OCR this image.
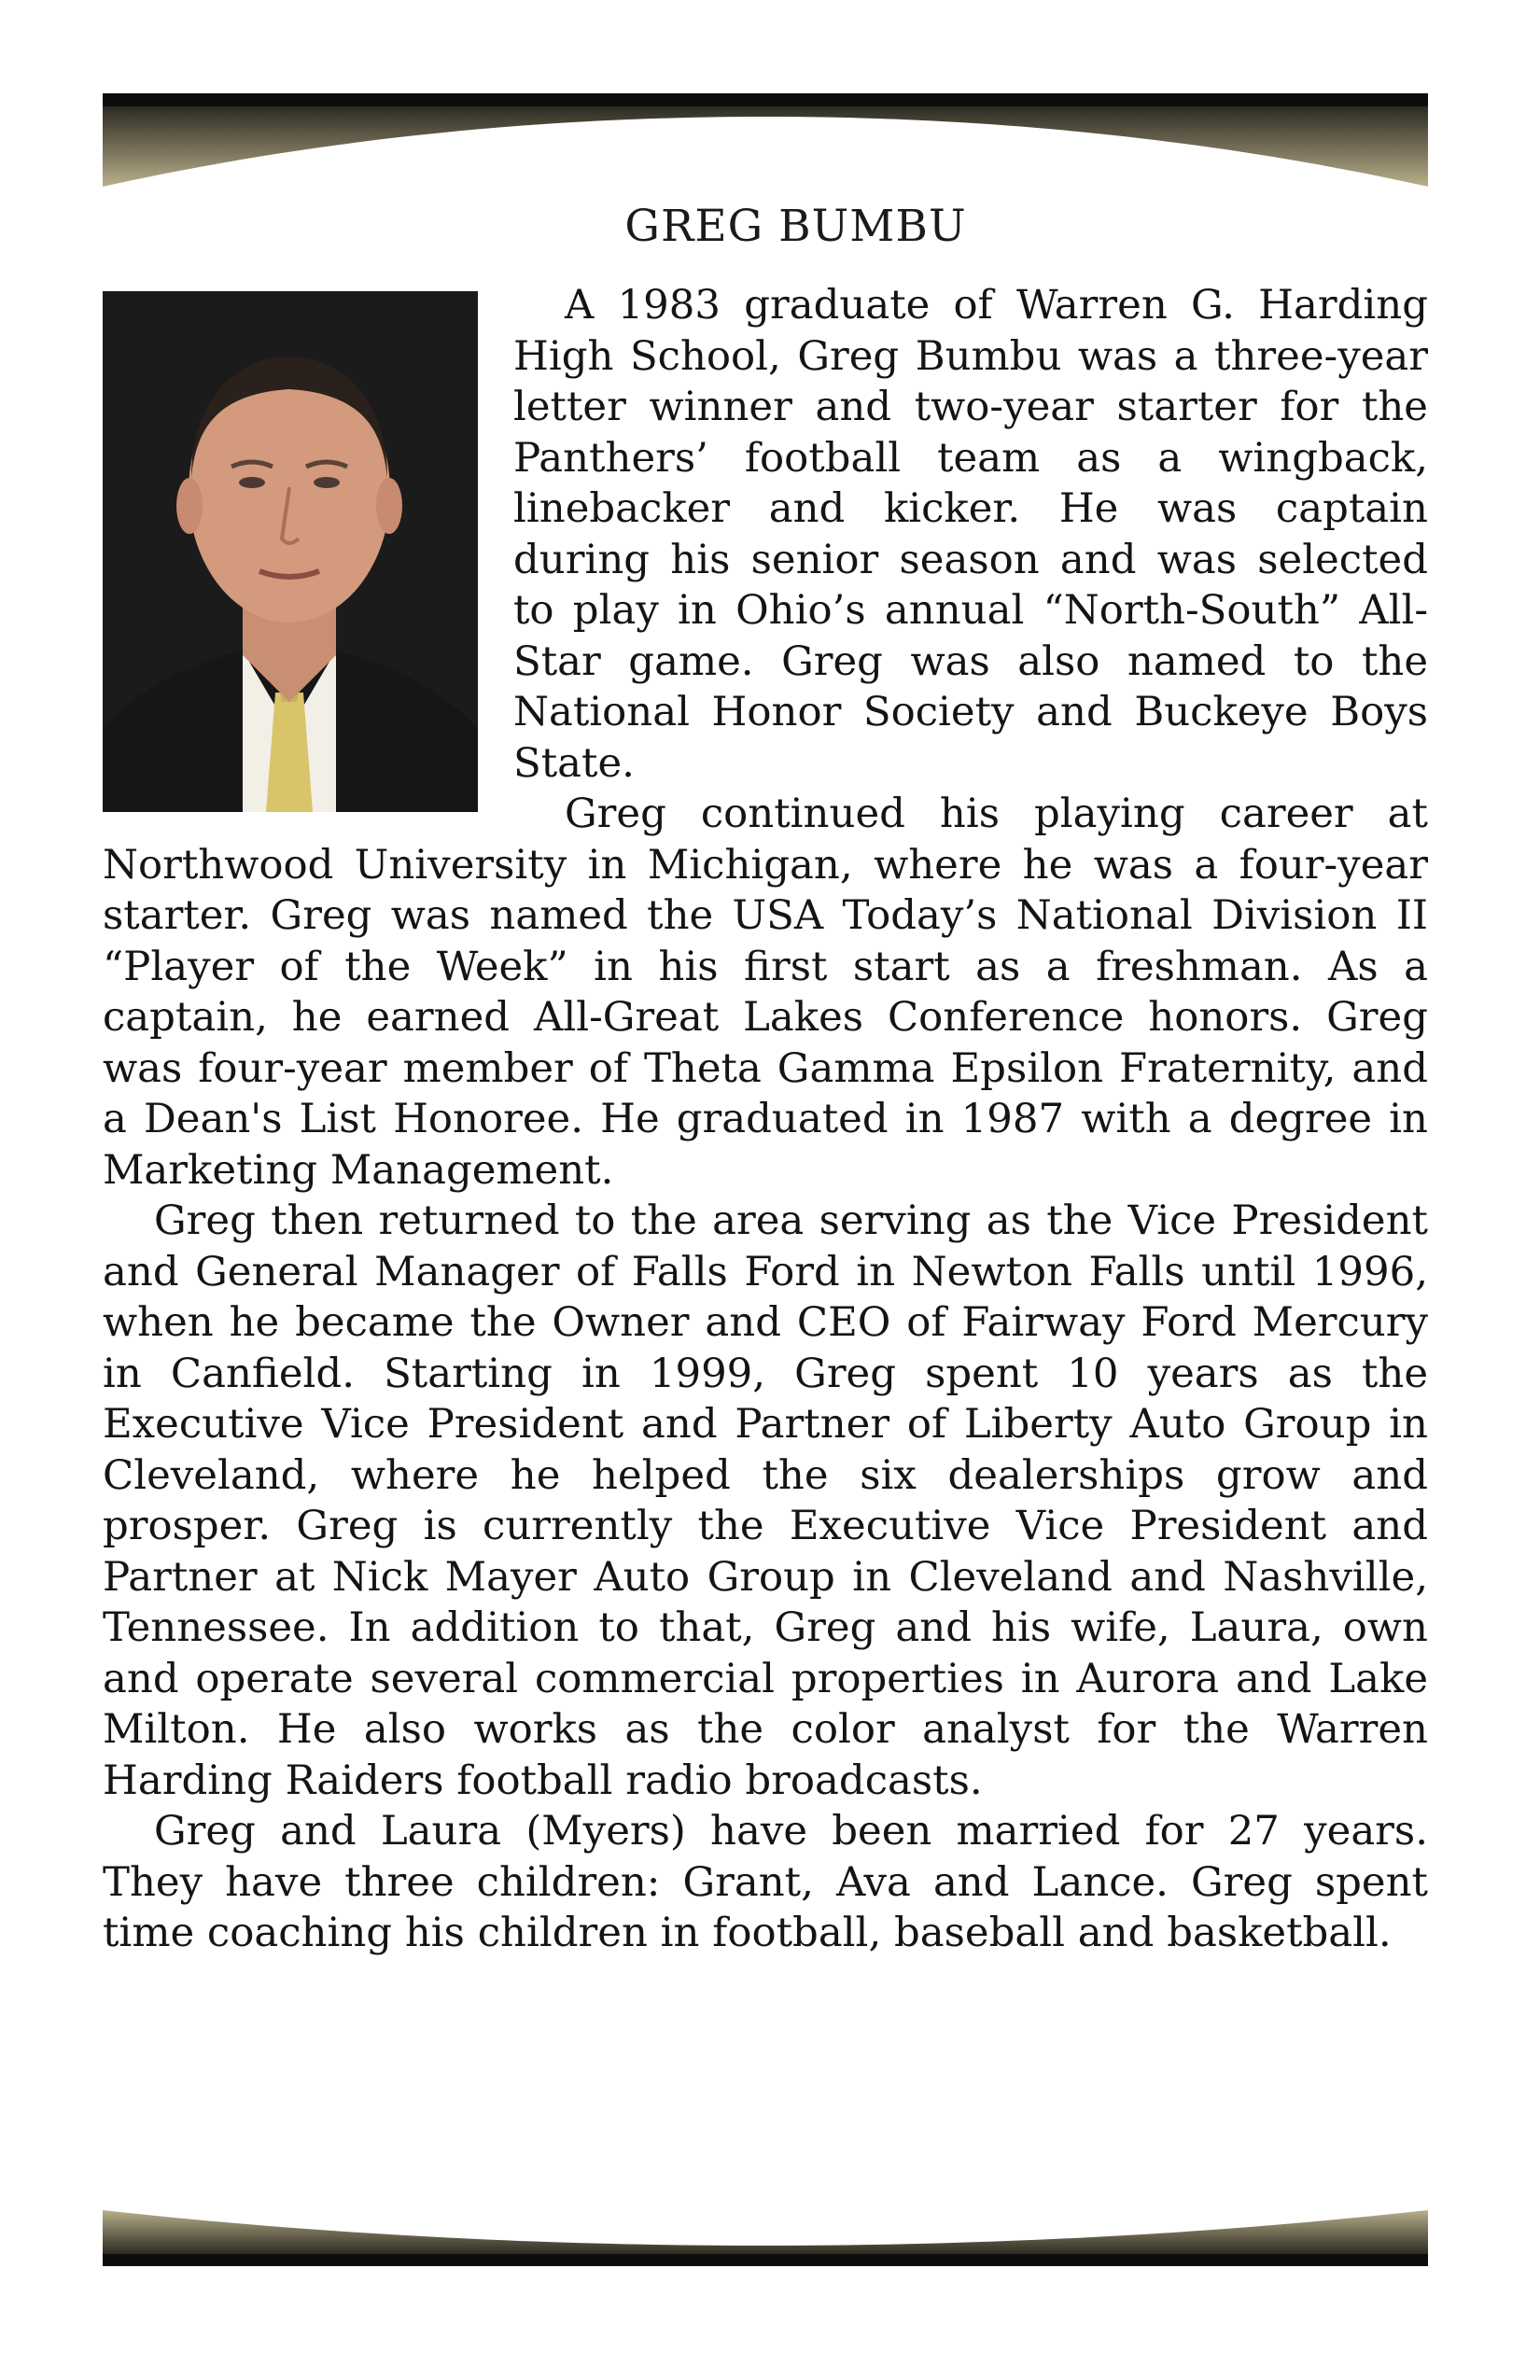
GREG BUMBU

A 1983 graduate of Warren G. Harding High School, Greg Bumbu was a three-year letter winner and two-year starter for the Panthers’ football team as a wingback, linebacker and kicker. He was captain during his senior season and was selected to play in Ohio’s annual “North-South” All-Star game. Greg was also named to the National Honor Society and Buckeye Boys State.

Greg continued his playing career at Northwood University in Michigan, where he was a four-year starter. Greg was named the USA Today’s National Division II “Player of the Week” in his first start as a freshman. As a captain, he earned All-Great Lakes Conference honors. Greg was four-year member of Theta Gamma Epsilon Fraternity, and a Dean's List Honoree. He graduated in 1987 with a degree in Marketing Management.

Greg then returned to the area serving as the Vice President and General Manager of Falls Ford in Newton Falls until 1996, when he became the Owner and CEO of Fairway Ford Mercury in Canfield. Starting in 1999, Greg spent 10 years as the Executive Vice President and Partner of Liberty Auto Group in Cleveland, where he helped the six dealerships grow and prosper. Greg is currently the Executive Vice President and Partner at Nick Mayer Auto Group in Cleveland and Nashville, Tennessee. In addition to that, Greg and his wife, Laura, own and operate several commercial properties in Aurora and Lake Milton. He also works as the color analyst for the Warren Harding Raiders football radio broadcasts.

Greg and Laura (Myers) have been married for 27 years. They have three children: Grant, Ava and Lance. Greg spent time coaching his children in football, baseball and basketball.
